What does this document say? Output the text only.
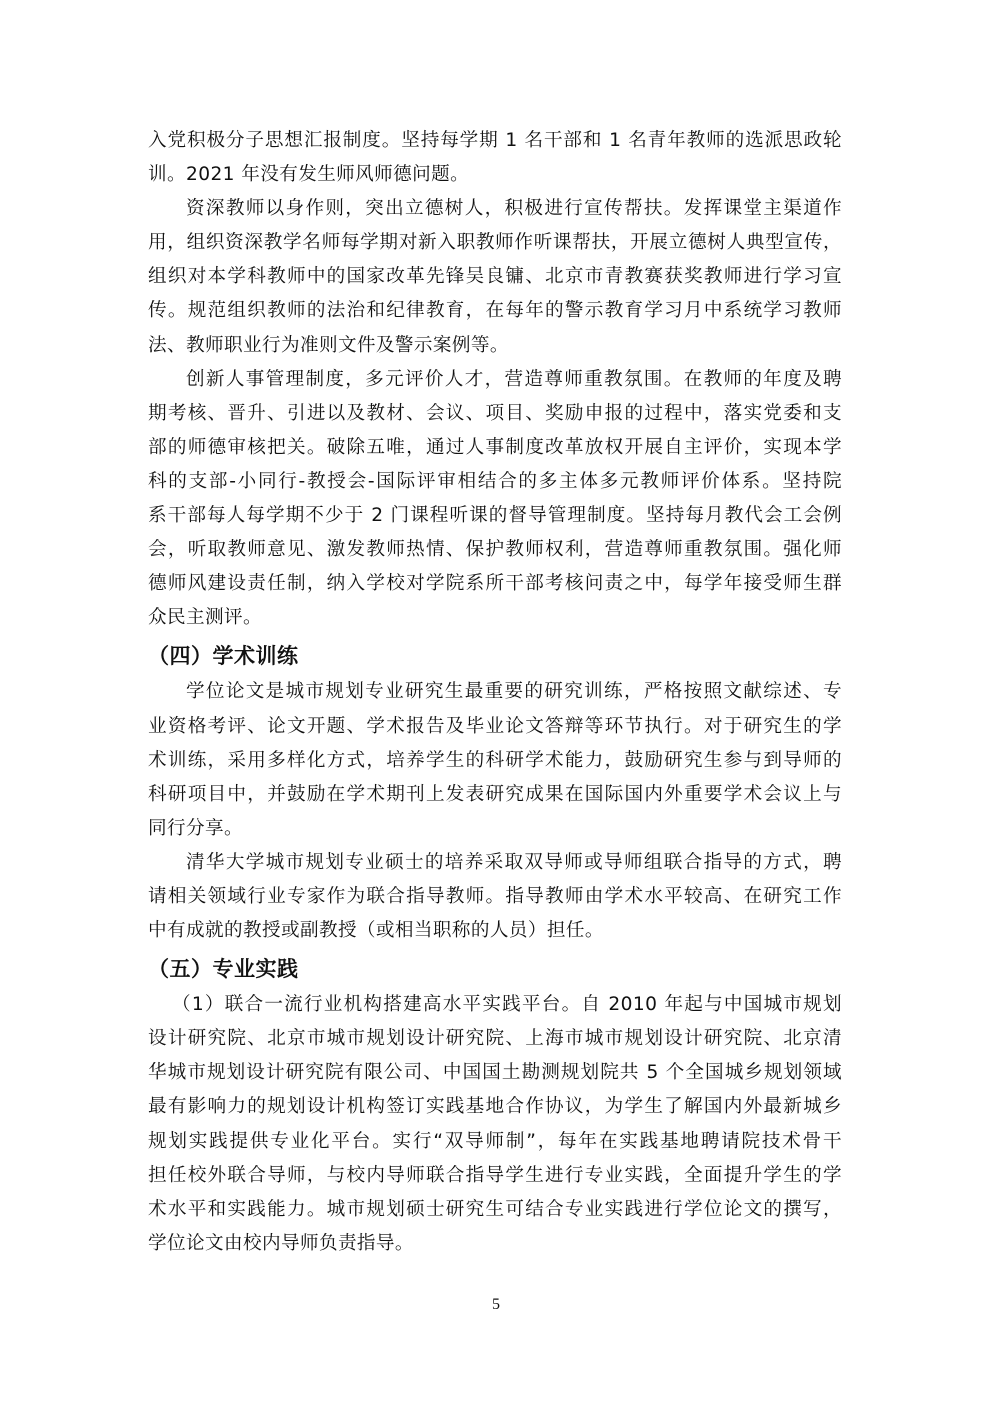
入党积极分子思想汇报制度。坚持每学期 1 名干部和 1 名青年教师的选派思政轮
训。2021 年没有发生师风师德问题。
资深教师以身作则，突出立德树人，积极进行宣传帮扶。发挥课堂主渠道作
用，组织资深教学名师每学期对新入职教师作听课帮扶，开展立德树人典型宣传，
组织对本学科教师中的国家改革先锋吴良镛、北京市青教赛获奖教师进行学习宣
传。规范组织教师的法治和纪律教育，在每年的警示教育学习月中系统学习教师
法、教师职业行为准则文件及警示案例等。
创新人事管理制度，多元评价人才，营造尊师重教氛围。在教师的年度及聘
期考核、晋升、引进以及教材、会议、项目、奖励申报的过程中，落实党委和支
部的师德审核把关。破除五唯，通过人事制度改革放权开展自主评价，实现本学
科的支部-小同行-教授会-国际评审相结合的多主体多元教师评价体系。坚持院
系干部每人每学期不少于 2 门课程听课的督导管理制度。坚持每月教代会工会例
会，听取教师意见、激发教师热情、保护教师权利，营造尊师重教氛围。强化师
德师风建设责任制，纳入学校对学院系所干部考核问责之中，每学年接受师生群
众民主测评。
（四）学术训练
学位论文是城市规划专业研究生最重要的研究训练，严格按照文献综述、专
业资格考评、论文开题、学术报告及毕业论文答辩等环节执行。对于研究生的学
术训练，采用多样化方式，培养学生的科研学术能力，鼓励研究生参与到导师的
科研项目中，并鼓励在学术期刊上发表研究成果在国际国内外重要学术会议上与
同行分享。
清华大学城市规划专业硕士的培养采取双导师或导师组联合指导的方式，聘
请相关领域行业专家作为联合指导教师。指导教师由学术水平较高、在研究工作
中有成就的教授或副教授（或相当职称的人员）担任。
（五）专业实践
（1）联合一流行业机构搭建高水平实践平台。自 2010 年起与中国城市规划
设计研究院、北京市城市规划设计研究院、上海市城市规划设计研究院、北京清
华城市规划设计研究院有限公司、中国国土勘测规划院共 5 个全国城乡规划领域
最有影响力的规划设计机构签订实践基地合作协议，为学生了解国内外最新城乡
规划实践提供专业化平台。实行“双导师制”，每年在实践基地聘请院技术骨干
担任校外联合导师，与校内导师联合指导学生进行专业实践，全面提升学生的学
术水平和实践能力。城市规划硕士研究生可结合专业实践进行学位论文的撰写，
学位论文由校内导师负责指导。
5
